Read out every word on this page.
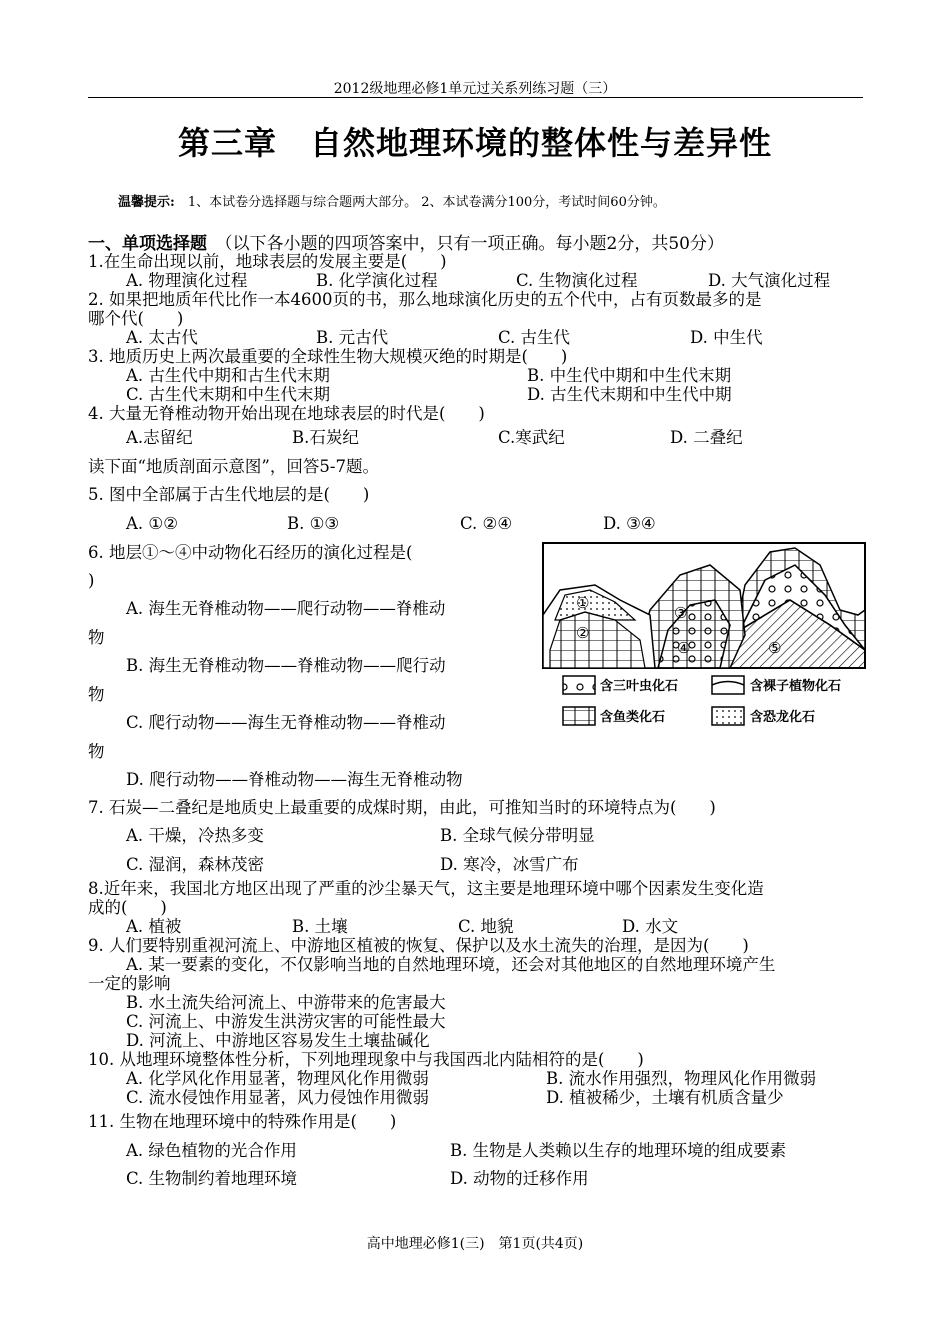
2012级地理必修1单元过关系列练习题（三）
第三章　自然地理环境的整体性与差异性
温馨提示:　1、本试卷分选择题与综合题两大部分。 2、本试卷满分100分，考试时间60分钟。
一、单项选择题　 （以下各小题的四项答案中，只有一项正确。每小题2分，共50分）
1.在生命出现以前，地球表层的发展主要是(　　)
A. 物理演化过程	B. 化学演化过程	C. 生物演化过程	D. 大气演化过程
2. 如果把地质年代比作一本4600页的书，那么地球演化历史的五个代中，占有页数最多的是
哪个代(　　)
A. 太古代	B. 元古代	C. 古生代	D. 中生代
3. 地质历史上两次最重要的全球性生物大规模灭绝的时期是(　　)
A. 古生代中期和古生代末期	B. 中生代中期和中生代末期
C. 古生代末期和中生代末期	D. 古生代末期和中生代中期
4. 大量无脊椎动物开始出现在地球表层的时代是(　　)
A.志留纪	B.石炭纪	C.寒武纪	D. 二叠纪
读下面“地质剖面示意图”，回答5-7题。
5. 图中全部属于古生代地层的是(　　)
A. ①②	B. ①③	C. ②④	D. ③④
6. 地层①～④中动物化石经历的演化过程是(
)
A. 海生无脊椎动物——爬行动物——脊椎动
物
B. 海生无脊椎动物——脊椎动物——爬行动
物
C. 爬行动物——海生无脊椎动物——脊椎动
物
D. 爬行动物——脊椎动物——海生无脊椎动物
①
②
③
④	⑤
含三叶虫化石	含裸子植物化石
含鱼类化石	含恐龙化石
7. 石炭—二叠纪是地质史上最重要的成煤时期，由此，可推知当时的环境特点为(　　)
A. 干燥，冷热多变	B. 全球气候分带明显
C. 湿润，森林茂密	D. 寒冷，冰雪广布
8.近年来，我国北方地区出现了严重的沙尘暴天气，这主要是地理环境中哪个因素发生变化造
成的(　　)
A. 植被	B. 土壤	C. 地貌	D. 水文
9. 人们要特别重视河流上、中游地区植被的恢复、保护以及水土流失的治理，是因为(　　)
A. 某一要素的变化，不仅影响当地的自然地理环境，还会对其他地区的自然地理环境产生
一定的影响
B. 水土流失给河流上、中游带来的危害最大
C. 河流上、中游发生洪涝灾害的可能性最大
D. 河流上、中游地区容易发生土壤盐碱化
10. 从地理环境整体性分析，下列地理现象中与我国西北内陆相符的是(　　)
A. 化学风化作用显著，物理风化作用微弱	B. 流水作用强烈，物理风化作用微弱
C. 流水侵蚀作用显著，风力侵蚀作用微弱	D. 植被稀少，土壤有机质含量少
11. 生物在地理环境中的特殊作用是(　　)
A. 绿色植物的光合作用	B. 生物是人类赖以生存的地理环境的组成要素
C. 生物制约着地理环境	D. 动物的迁移作用
高中地理必修1(三)　第1页(共4页)
